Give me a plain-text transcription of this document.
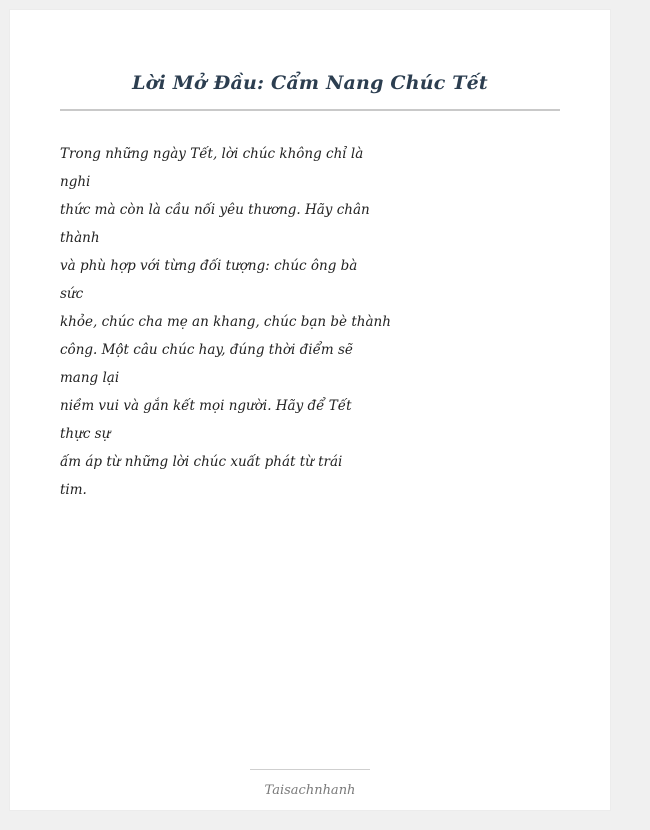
Lời Mở Đầu: Cẩm Nang Chúc Tết
Trong những ngày Tết, lời chúc không chỉ là
nghi
thức mà còn là cầu nối yêu thương. Hãy chân
thành
và phù hợp với từng đối tượng: chúc ông bà
sức
khỏe, chúc cha mẹ an khang, chúc bạn bè thành
công. Một câu chúc hay, đúng thời điểm sẽ
mang lại
niềm vui và gắn kết mọi người. Hãy để Tết
thực sự
ấm áp từ những lời chúc xuất phát từ trái
tim.
Taisachnhanh
